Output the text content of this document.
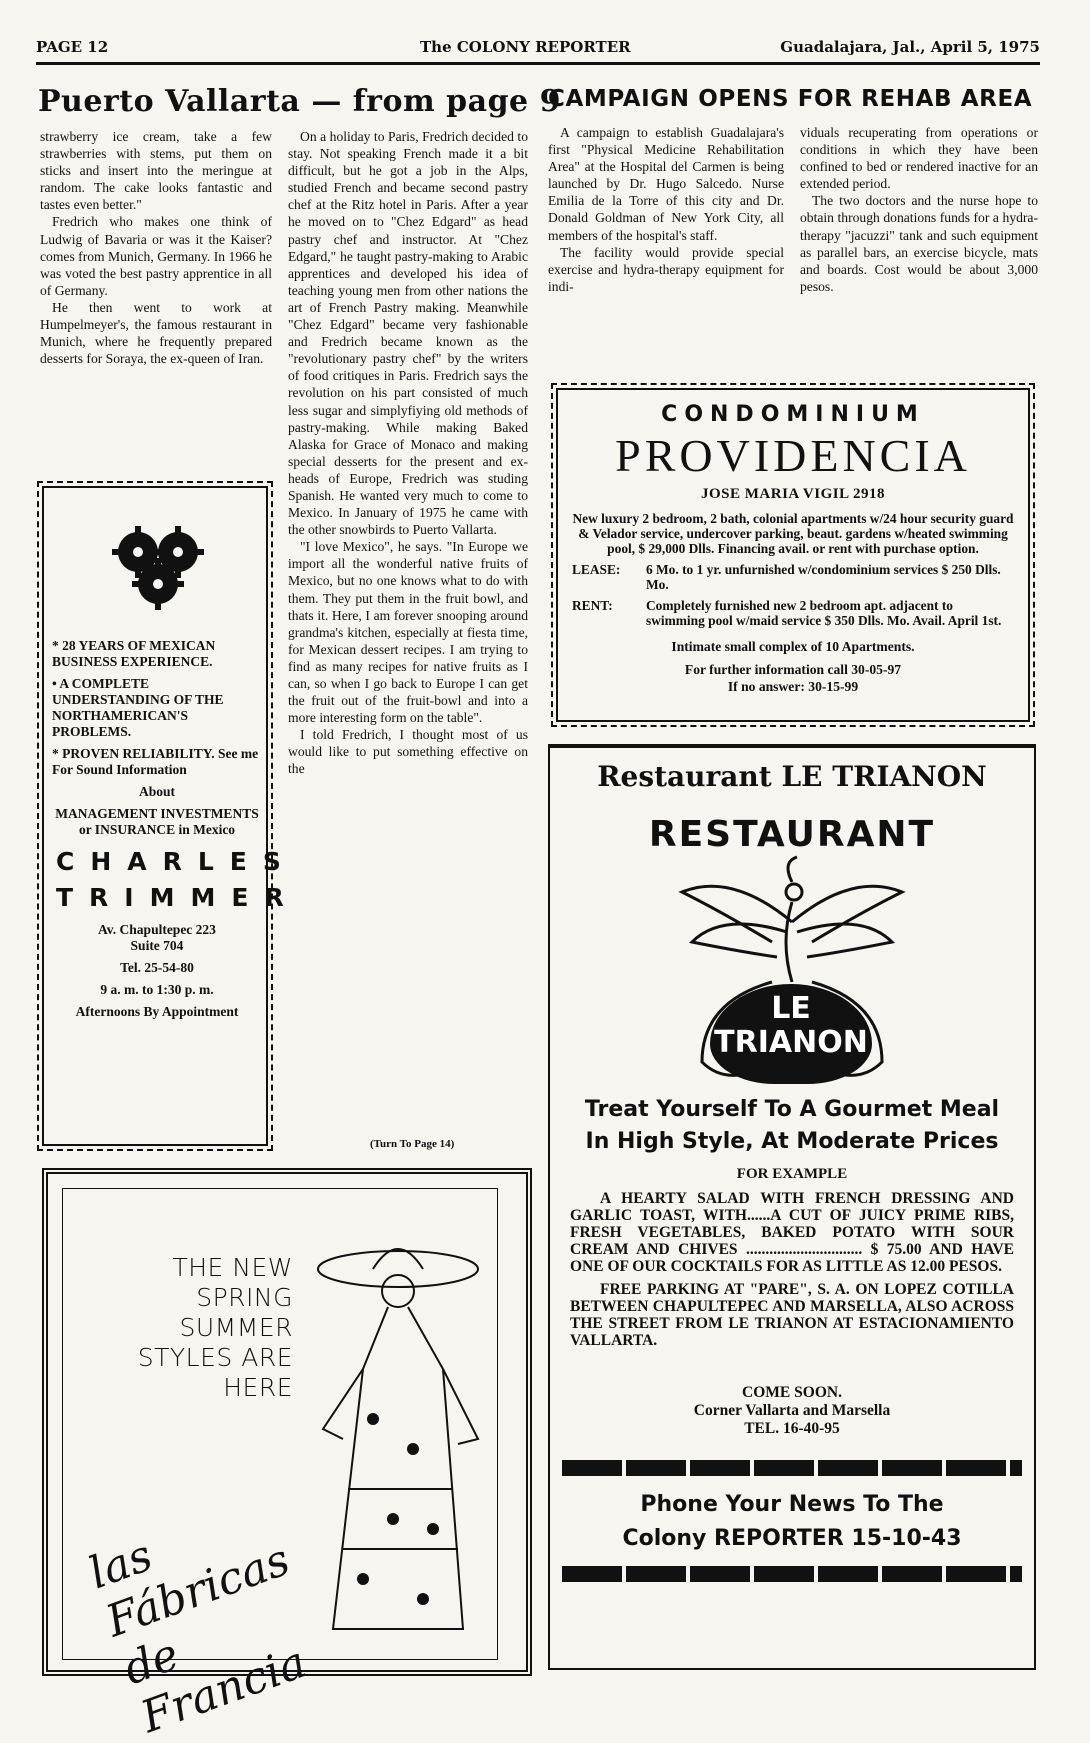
PAGE 12	The COLONY REPORTER	Guadalajara, Jal., April 5, 1975
Puerto Vallarta — from page 9

strawberry ice cream, take a few strawberries with stems, put them on sticks and insert into the meringue at random. The cake looks fantastic and tastes even better."

Fredrich who makes one think of Ludwig of Bavaria or was it the Kaiser? comes from Munich, Germany. In 1966 he was voted the best pastry apprentice in all of Germany.

He then went to work at Humpelmeyer's, the famous restaurant in Munich, where he frequently prepared desserts for Soraya, the ex-queen of Iran.

On a holiday to Paris, Fredrich decided to stay. Not speaking French made it a bit difficult, but he got a job in the Alps, studied French and became second pastry chef at the Ritz hotel in Paris. After a year he moved on to "Chez Edgard" as head pastry chef and instructor. At "Chez Edgard," he taught pastry-making to Arabic apprentices and developed his idea of teaching young men from other nations the art of French Pastry making. Meanwhile "Chez Edgard" became very fashionable and Fredrich became known as the "revolutionary pastry chef" by the writers of food critiques in Paris. Fredrich says the revolution on his part consisted of much less sugar and simplyfiying old methods of pastry-making. While making Baked Alaska for Grace of Monaco and making special desserts for the present and ex-heads of Europe, Fredrich was studing Spanish. He wanted very much to come to Mexico. In January of 1975 he came with the other snowbirds to Puerto Vallarta.

"I love Mexico", he says. "In Europe we import all the wonderful native fruits of Mexico, but no one knows what to do with them. They put them in the fruit bowl, and thats it. Here, I am forever snooping around grandma's kitchen, especially at fiesta time, for Mexican dessert recipes. I am trying to find as many recipes for native fruits as I can, so when I go back to Europe I can get the fruit out of the fruit-bowl and into a more interesting form on the table".

I told Fredrich, I thought most of us would like to put something effective on the

(Turn To Page 14)
CAMPAIGN OPENS FOR REHAB AREA

A campaign to establish Guadalajara's first "Physical Medicine Rehabilitation Area" at the Hospital del Carmen is being launched by Dr. Hugo Salcedo. Nurse Emilia de la Torre of this city and Dr. Donald Goldman of New York City, all members of the hospital's staff.

The facility would provide special exercise and hydra-therapy equipment for indi-

viduals recuperating from operations or conditions in which they have been confined to bed or rendered inactive for an extended period.

The two doctors and the nurse hope to obtain through donations funds for a hydra-therapy "jacuzzi" tank and such equipment as parallel bars, an exercise bicycle, mats and boards. Cost would be about 3,000 pesos.

* 28 YEARS OF MEXICAN BUSINESS EXPERIENCE.
• A COMPLETE UNDERSTANDING OF THE NORTHAMERICAN'S PROBLEMS.
* PROVEN RELIABILITY. See me For Sound Information
About
MANAGEMENT INVESTMENTS or INSURANCE in Mexico
CHARLES
TRIMMER
Av. Chapultepec 223
Suite 704
Tel. 25-54-80
9 a. m. to 1:30 p. m.
Afternoons By Appointment
THE NEW SPRING SUMMER STYLES ARE HERE
las Fábricas de Francia
CONDOMINIUM
PROVIDENCIA
JOSE MARIA VIGIL 2918
New luxury 2 bedroom, 2 bath, colonial apartments w/24 hour security guard & Velador service, undercover parking, beaut. gardens w/heated swimming pool, $ 29,000 Dlls. Financing avail. or rent with purchase option.
LEASE:	6 Mo. to 1 yr. unfurnished w/condominium services $ 250 Dlls. Mo.
RENT:	Completely furnished new 2 bedroom apt. adjacent to swimming pool w/maid service $ 350 Dlls. Mo. Avail. April 1st.
Intimate small complex of 10 Apartments.
For further information call 30-05-97
If no answer: 30-15-99
Restaurant LE TRIANON
RESTAURANT
LE
TRIANON
Treat Yourself To A Gourmet Meal
In High Style, At Moderate Prices
FOR EXAMPLE

A HEARTY SALAD WITH FRENCH DRESSING AND GARLIC TOAST, WITH......A CUT OF JUICY PRIME RIBS, FRESH VEGETABLES, BAKED POTATO WITH SOUR CREAM AND CHIVES .............................. $ 75.00 AND HAVE ONE OF OUR COCKTAILS FOR AS LITTLE AS 12.00 PESOS.

FREE PARKING AT "PARE", S. A. ON LOPEZ COTILLA BETWEEN CHAPULTEPEC AND MARSELLA, ALSO ACROSS THE STREET FROM LE TRIANON AT ESTACIONAMIENTO VALLARTA.

COME SOON.
Corner Vallarta and Marsella
TEL. 16-40-95
Phone Your News To The
Colony REPORTER 15-10-43
